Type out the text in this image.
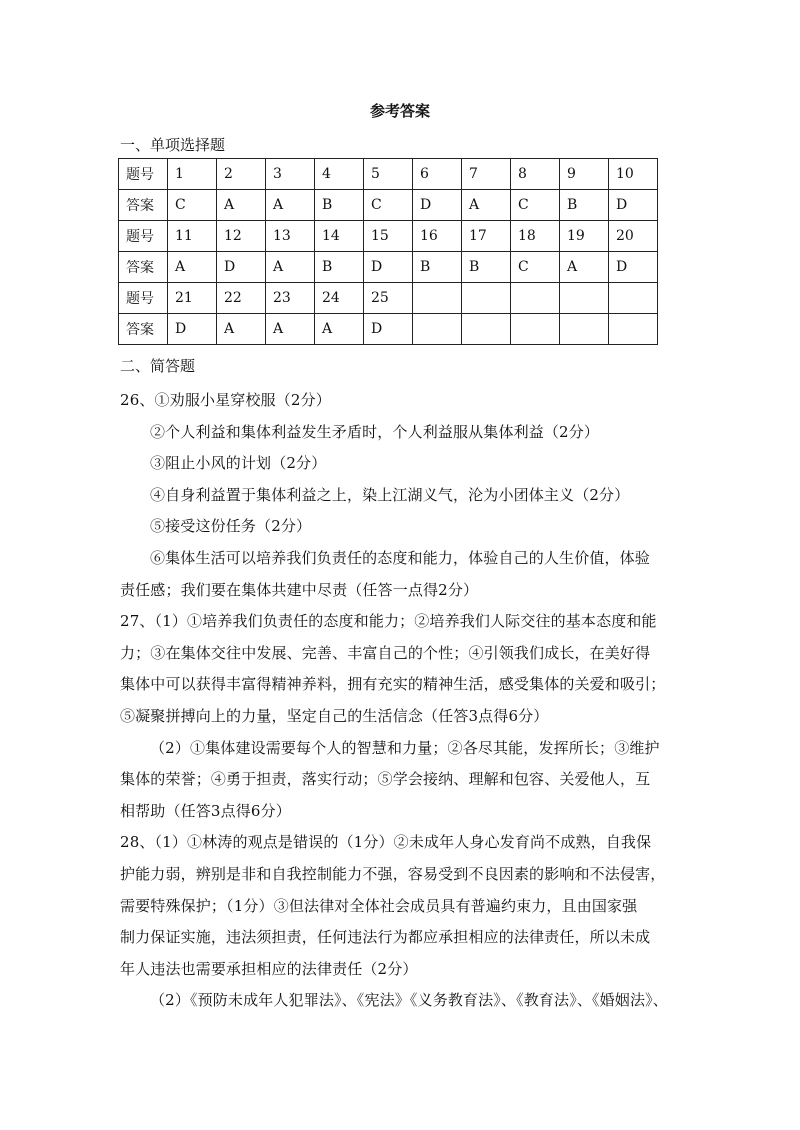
参考答案
一、单项选择题
题号	1	2	3	4	5	6	7	8	9	10
答案	C	A	A	B	C	D	A	C	B	D
题号	11	12	13	14	15	16	17	18	19	20
答案	A	D	A	B	D	B	B	C	A	D
题号	21	22	23	24	25					
答案	D	A	A	A	D					
二、简答题
26、①劝服小星穿校服（2分）
②个人利益和集体利益发生矛盾时，个人利益服从集体利益（2分）
③阻止小风的计划（2分）
④自身利益置于集体利益之上，染上江湖义气，沦为小团体主义（2分）
⑤接受这份任务（2分）
⑥集体生活可以培养我们负责任的态度和能力，体验自己的人生价值，体验
责任感；我们要在集体共建中尽责（任答一点得2分）
27、（1）①培养我们负责任的态度和能力；②培养我们人际交往的基本态度和能
力；③在集体交往中发展、完善、丰富自己的个性；④引领我们成长，在美好得
集体中可以获得丰富得精神养料，拥有充实的精神生活，感受集体的关爱和吸引；
⑤凝聚拼搏向上的力量，坚定自己的生活信念（任答3点得6分）
（2）①集体建设需要每个人的智慧和力量；②各尽其能，发挥所长；③维护
集体的荣誉；④勇于担责，落实行动；⑤学会接纳、理解和包容、关爱他人，互
相帮助（任答3点得6分）
28、（1）①林涛的观点是错误的（1分）②未成年人身心发育尚不成熟，自我保
护能力弱，辨别是非和自我控制能力不强，容易受到不良因素的影响和不法侵害，
需要特殊保护；（1分）③但法律对全体社会成员具有普遍约束力，且由国家强
制力保证实施，违法须担责，任何违法行为都应承担相应的法律责任，所以未成
年人违法也需要承担相应的法律责任（2分）
（2）《预防未成年人犯罪法》、《宪法》《义务教育法》、《教育法》、《婚姻法》、
